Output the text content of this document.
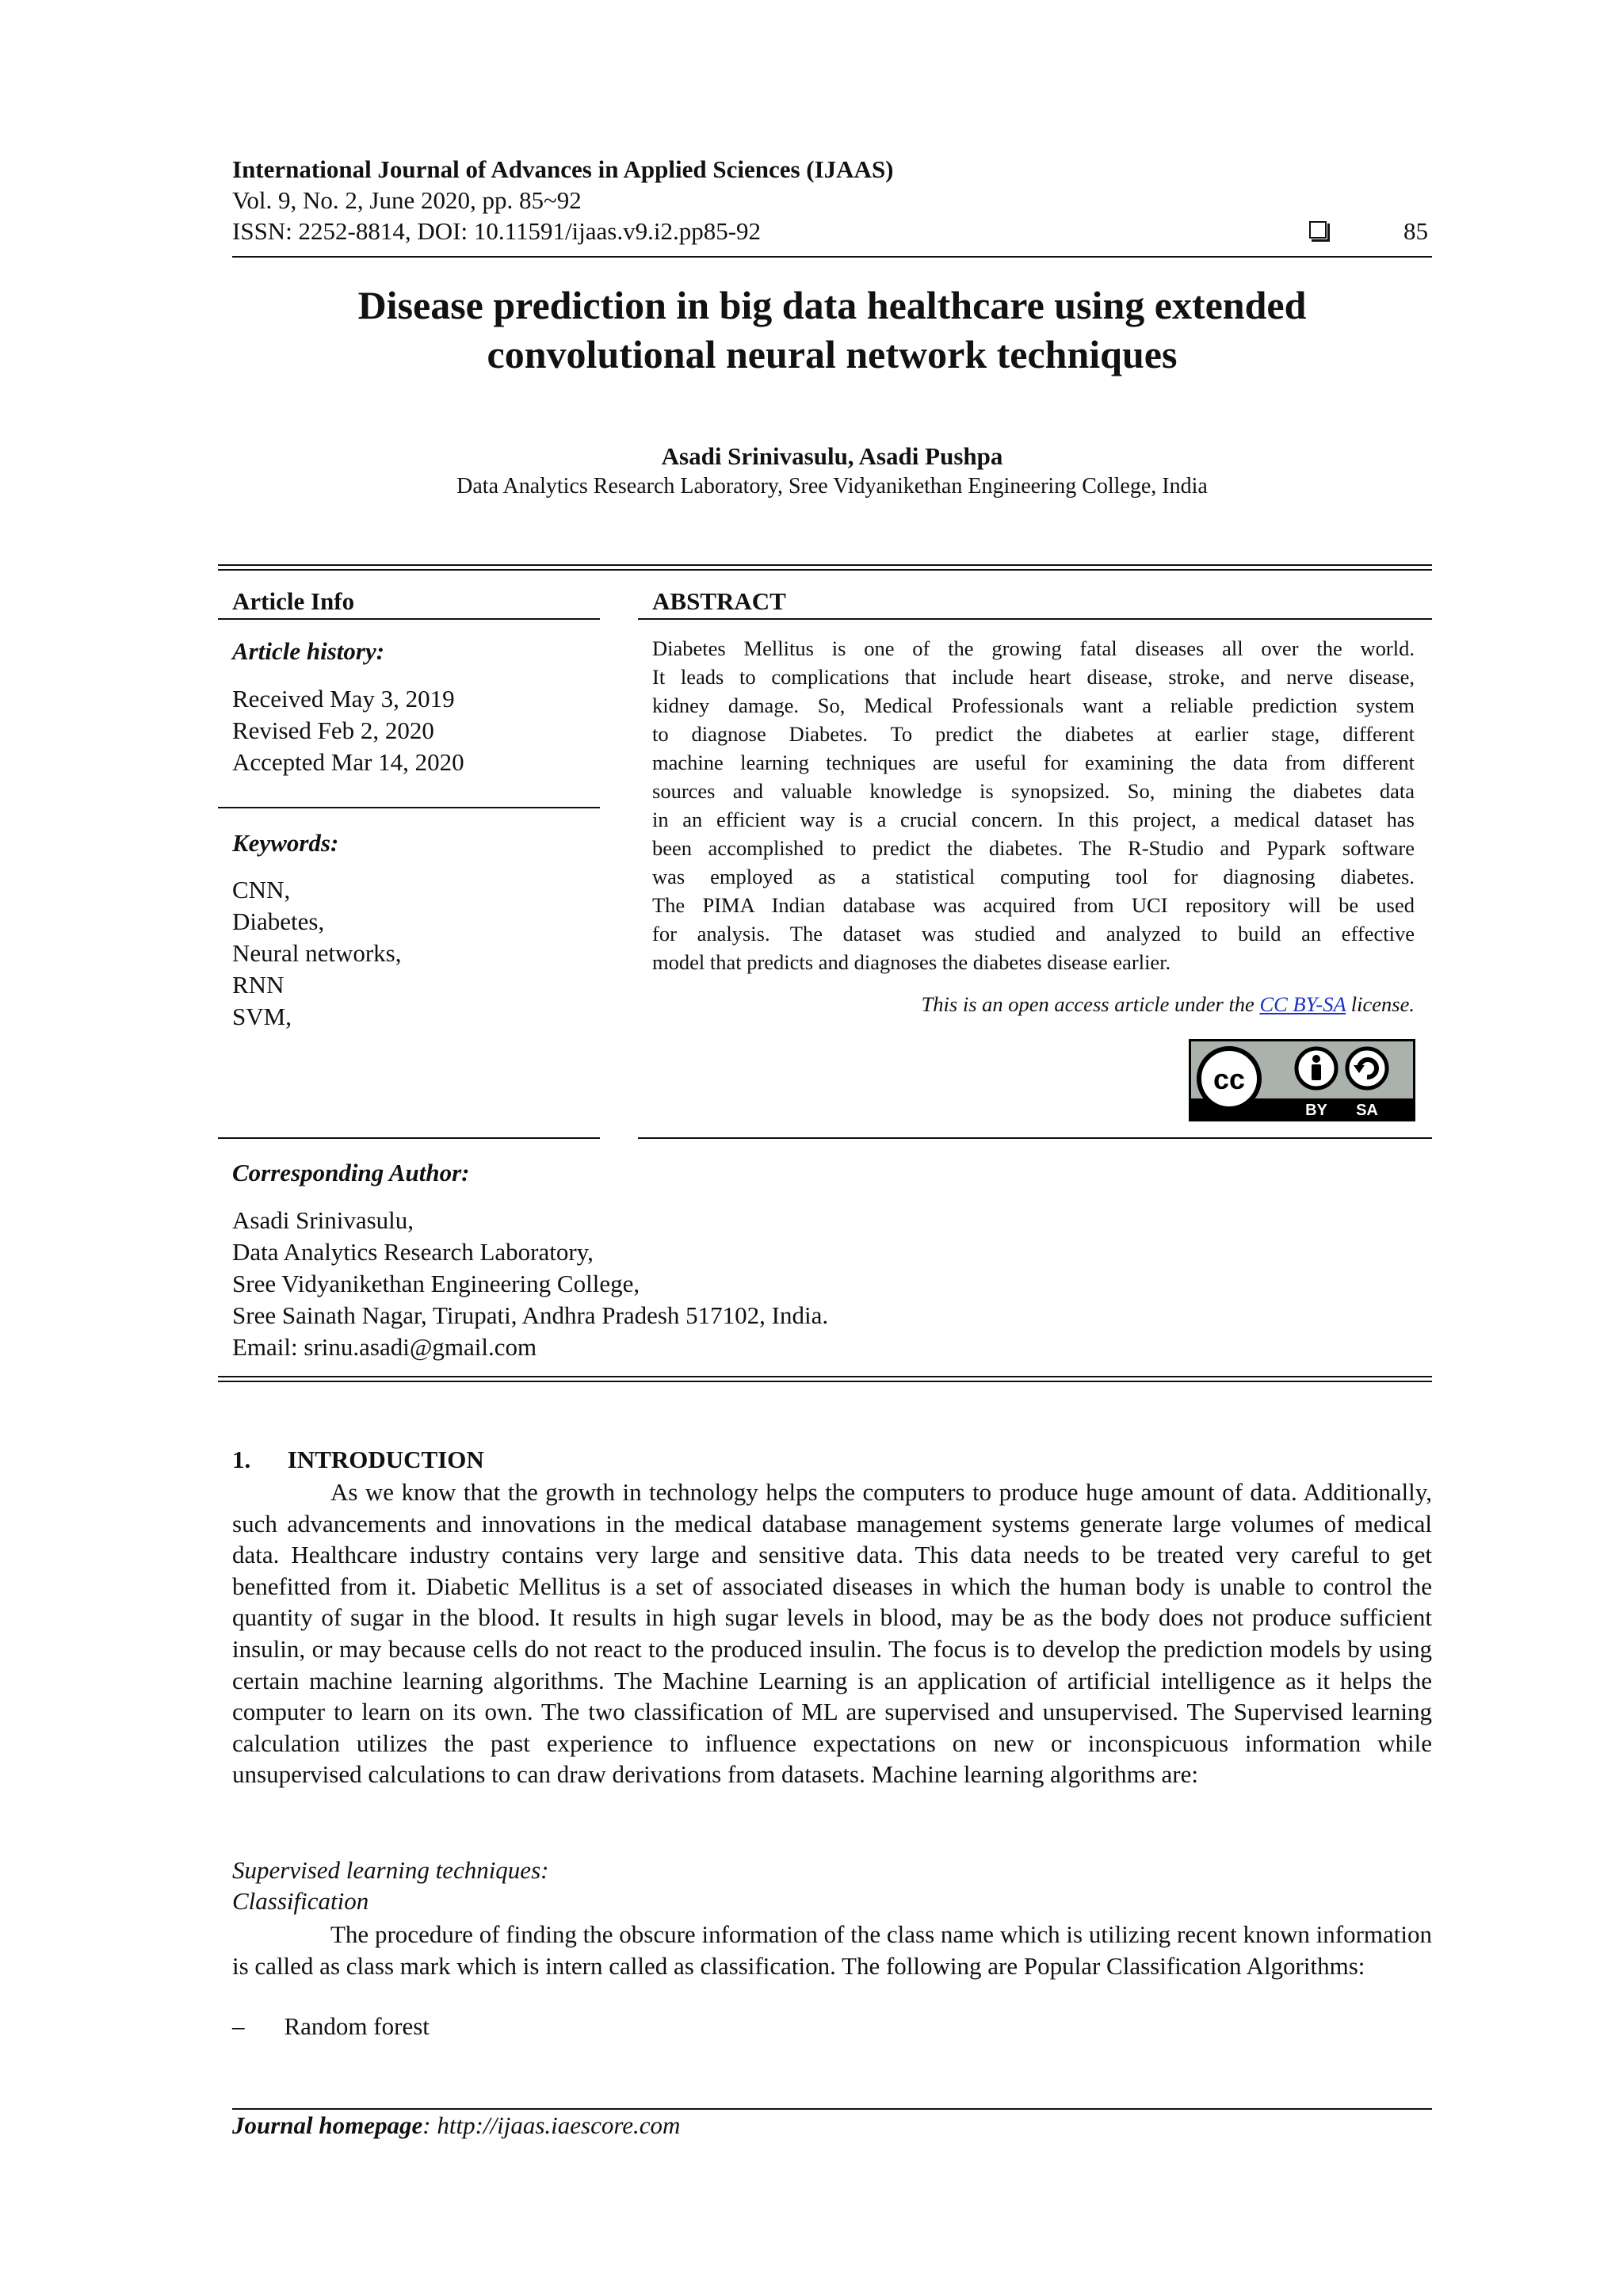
International Journal of Advances in Applied Sciences (IJAAS)
Vol. 9, No. 2, June 2020, pp. 85~92
ISSN: 2252-8814, DOI: 10.11591/ijaas.v9.i2.pp85-92	85
Disease prediction in big data healthcare using extended
convolutional neural network techniques
Asadi Srinivasulu, Asadi Pushpa
Data Analytics Research Laboratory, Sree Vidyanikethan Engineering College, India
Article Info
Article history:
Received May 3, 2019
Revised Feb 2, 2020
Accepted Mar 14, 2020
Keywords:
CNN,
Diabetes,
Neural networks,
RNN
SVM,
ABSTRACT
Diabetes Mellitus is one of the growing fatal diseases all over the world.
It leads to complications that include heart disease, stroke, and nerve disease,
kidney damage. So, Medical Professionals want a reliable prediction system
to diagnose Diabetes. To predict the diabetes at earlier stage, different
machine learning techniques are useful for examining the data from different
sources and valuable knowledge is synopsized. So, mining the diabetes data
in an efficient way is a crucial concern. In this project, a medical dataset has
been accomplished to predict the diabetes. The R-Studio and Pypark software
was employed as a statistical computing tool for diagnosing diabetes.
The PIMA Indian database was acquired from UCI repository will be used
for analysis. The dataset was studied and analyzed to build an effective
model that predicts and diagnoses the diabetes disease earlier.
This is an open access article under the CC BY-SA license.
cc
BY SA
Corresponding Author:
Asadi Srinivasulu,
Data Analytics Research Laboratory,
Sree Vidyanikethan Engineering College,
Sree Sainath Nagar, Tirupati, Andhra Pradesh 517102, India.
Email: srinu.asadi@gmail.com
1.  INTRODUCTION
As we know that the growth in technology helps the computers to produce huge amount of data. Additionally, such advancements and innovations in the medical database management systems generate large volumes of medical data. Healthcare industry contains very large and sensitive data. This data needs to be treated very careful to get benefitted from it. Diabetic Mellitus is a set of associated diseases in which the human body is unable to control the quantity of sugar in the blood. It results in high sugar levels in blood, may be as the body does not produce sufficient insulin, or may because cells do not react to the produced insulin. The focus is to develop the prediction models by using certain machine learning algorithms. The Machine Learning is an application of artificial intelligence as it helps the computer to learn on its own. The two classification of ML are supervised and unsupervised. The Supervised learning calculation utilizes the past experience to influence expectations on new or inconspicuous information while unsupervised calculations to can draw derivations from datasets. Machine learning algorithms are:
Supervised learning techniques:
Classification
The procedure of finding the obscure information of the class name which is utilizing recent known information is called as class mark which is intern called as classification. The following are Popular Classification Algorithms:
– Random forest
Journal homepage: http://ijaas.iaescore.com
